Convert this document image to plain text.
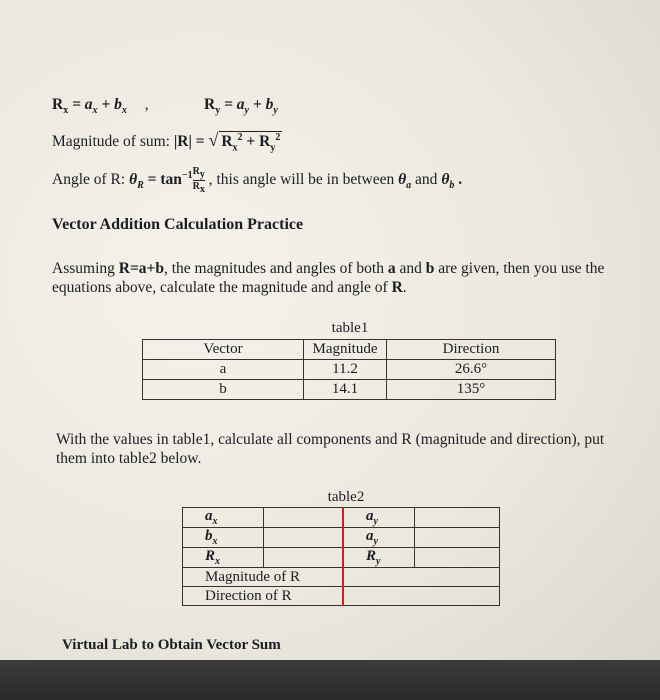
$R_x = a_x + b_x$ ,	$R_y = a_y + b_y$
Magnitude of sum: |R| = √ $R_x^2 + R_y^2$
Angle of R: $\theta_R = \tan^{-1} \frac{R_y}{R_x}$ , this angle will be in between $\theta_a$ and $\theta_b$ .
Vector Addition Calculation Practice
Assuming R=a+b, the magnitudes and angles of both a and b are given, then you use the equations above, calculate the magnitude and angle of R.
table1
Vector	Magnitude	Direction
a	11.2	26.6°
b	14.1	135°
With the values in table1, calculate all components and R (magnitude and direction), put them into table2 below.
table2
$a_x$		$a_y$	
$b_x$		$a_y$	
$R_x$		$R_y$	
Magnitude of R			
Direction of R			
Virtual Lab to Obtain Vector Sum
